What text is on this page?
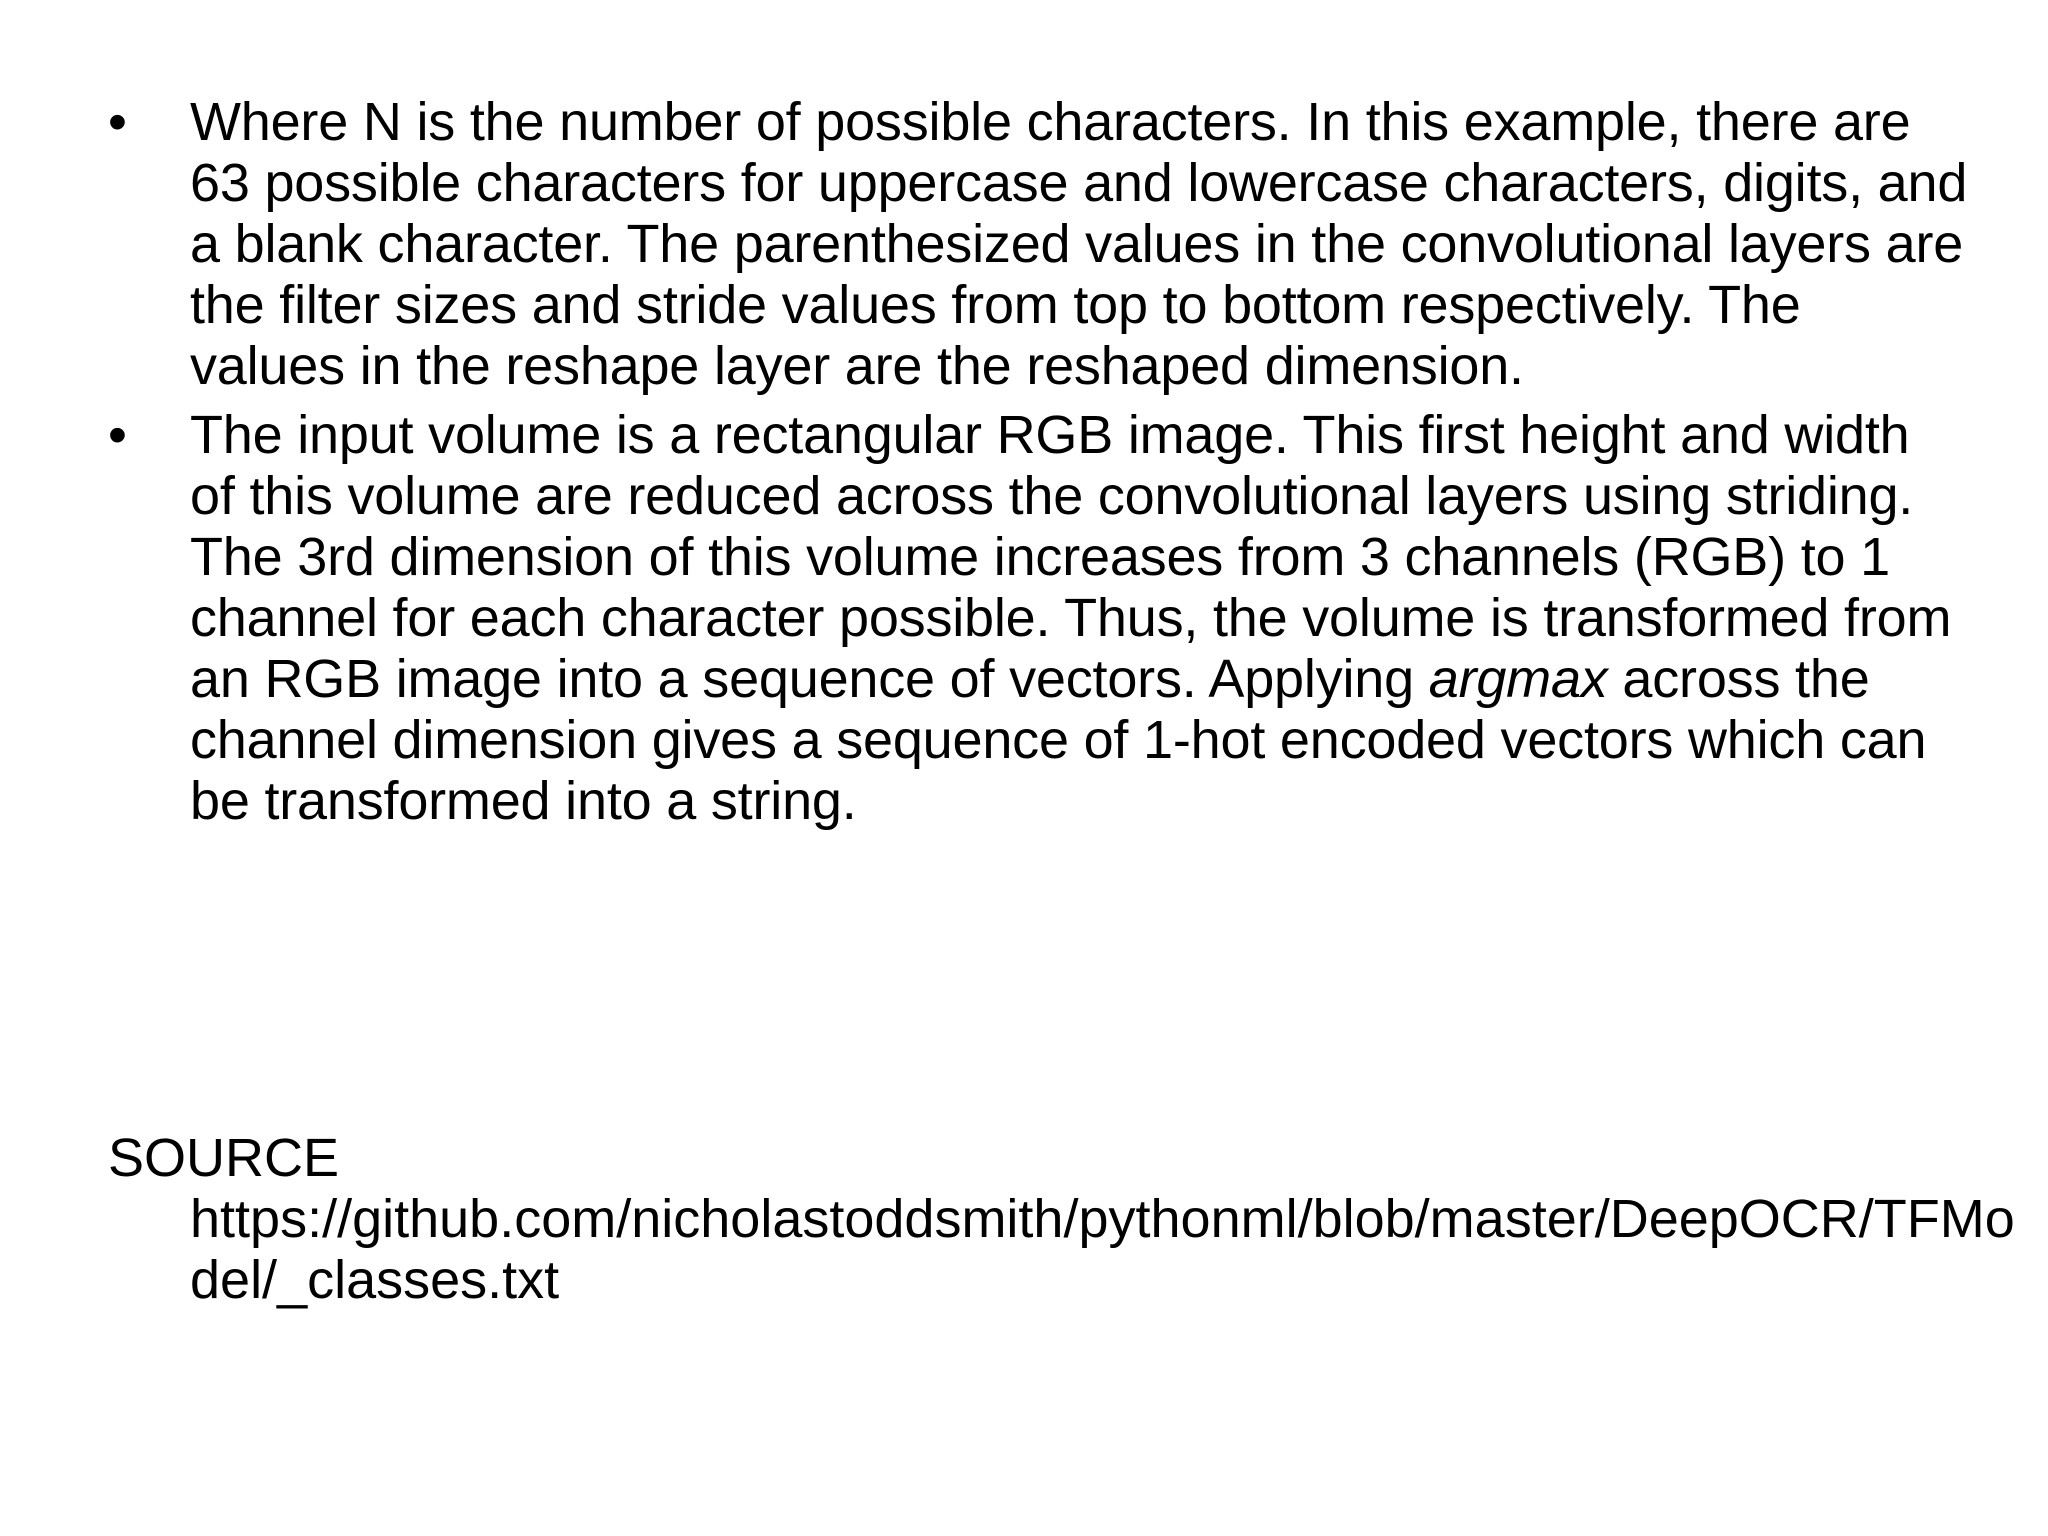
•	Where N is the number of possible characters. In this example, there are 63 possible characters for uppercase and lowercase characters, digits, and a blank character. The parenthesized values in the convolutional layers are the filter sizes and stride values from top to bottom respectively. The values in the reshape layer are the reshaped dimension.
•	The input volume is a rectangular RGB image. This first height and width of this volume are reduced across the convolutional layers using striding. The 3rd dimension of this volume increases from 3 channels (RGB) to 1 channel for each character possible. Thus, the volume is transformed from an RGB image into a sequence of vectors. Applying argmax across the channel dimension gives a sequence of 1-hot encoded vectors which can be transformed into a string.
SOURCE
https://github.com/nicholastoddsmith/pythonml/blob/master/DeepOCR/TFModel/_classes.txt
